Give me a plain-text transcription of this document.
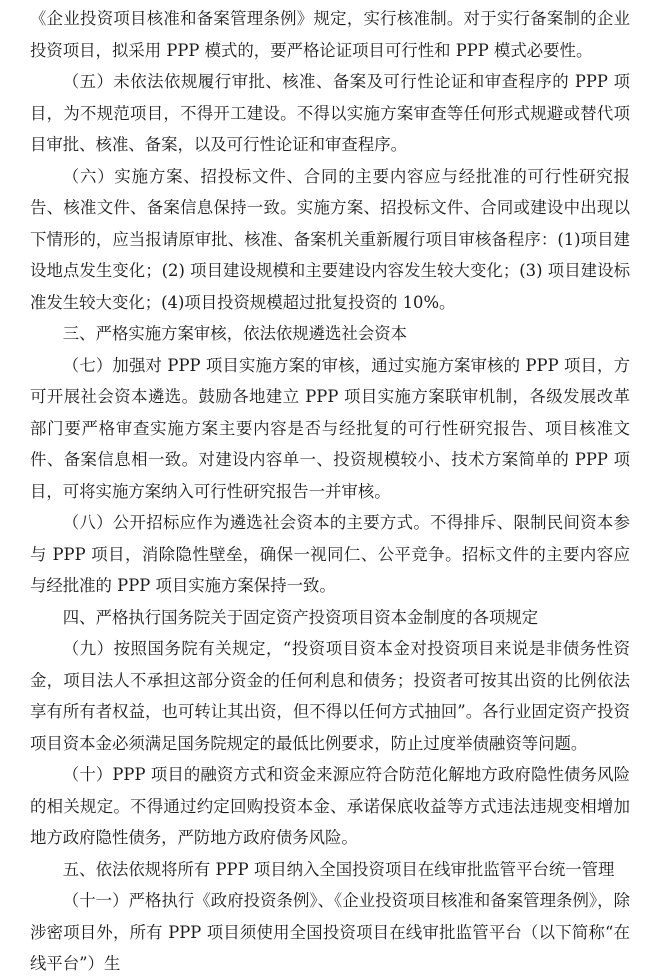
《企业投资项目核准和备案管理条例》规定，实行核准制。对于实行备案制的企业投资项目，拟采用 PPP 模式的，要严格论证项目可行性和 PPP 模式必要性。

（五）未依法依规履行审批、核准、备案及可行性论证和审查程序的 PPP 项目，为不规范项目，不得开工建设。不得以实施方案审查等任何形式规避或替代项目审批、核准、备案，以及可行性论证和审查程序。

（六）实施方案、招投标文件、合同的主要内容应与经批准的可行性研究报告、核准文件、备案信息保持一致。实施方案、招投标文件、合同或建设中出现以下情形的，应当报请原审批、核准、备案机关重新履行项目审核备程序：(1)项目建设地点发生变化；(2) 项目建设规模和主要建设内容发生较大变化；(3) 项目建设标准发生较大变化；(4)项目投资规模超过批复投资的 10%。

三、严格实施方案审核，依法依规遴选社会资本

（七）加强对 PPP 项目实施方案的审核，通过实施方案审核的 PPP 项目，方可开展社会资本遴选。鼓励各地建立 PPP 项目实施方案联审机制，各级发展改革部门要严格审查实施方案主要内容是否与经批复的可行性研究报告、项目核准文件、备案信息相一致。对建设内容单一、投资规模较小、技术方案简单的 PPP 项目，可将实施方案纳入可行性研究报告一并审核。

（八）公开招标应作为遴选社会资本的主要方式。不得排斥、限制民间资本参与 PPP 项目，消除隐性壁垒，确保一视同仁、公平竞争。招标文件的主要内容应与经批准的 PPP 项目实施方案保持一致。

四、严格执行国务院关于固定资产投资项目资本金制度的各项规定

（九）按照国务院有关规定，“投资项目资本金对投资项目来说是非债务性资金，项目法人不承担这部分资金的任何利息和债务；投资者可按其出资的比例依法享有所有者权益，也可转让其出资，但不得以任何方式抽回”。各行业固定资产投资项目资本金必须满足国务院规定的最低比例要求，防止过度举债融资等问题。

（十）PPP 项目的融资方式和资金来源应符合防范化解地方政府隐性债务风险的相关规定。不得通过约定回购投资本金、承诺保底收益等方式违法违规变相增加地方政府隐性债务，严防地方政府债务风险。

五、依法依规将所有 PPP 项目纳入全国投资项目在线审批监管平台统一管理

（十一）严格执行《政府投资条例》、《企业投资项目核准和备案管理条例》，除涉密项目外，所有 PPP 项目须使用全国投资项目在线审批监管平台（以下简称“在线平台”）生
